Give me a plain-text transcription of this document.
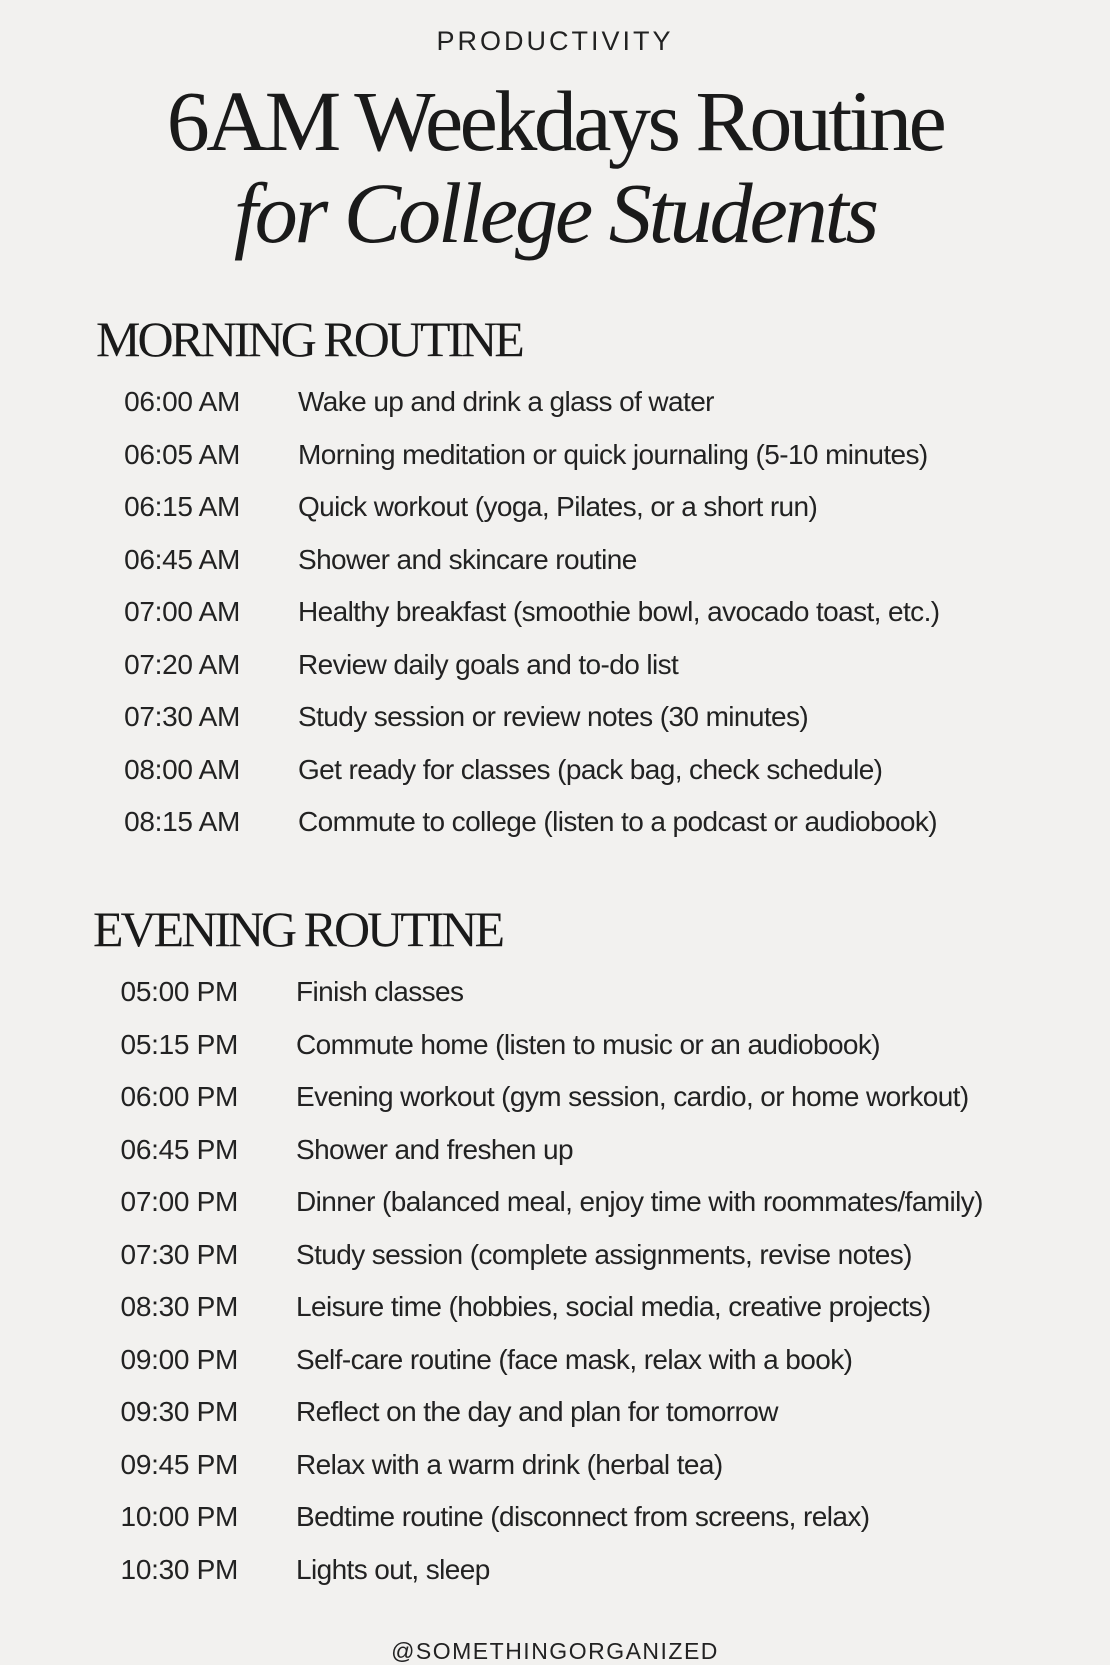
PRODUCTIVITY
6AM Weekdays Routine
for College Students
MORNING ROUTINE
06:00 AM Wake up and drink a glass of water
06:05 AM Morning meditation or quick journaling (5-10 minutes)
06:15 AM Quick workout (yoga, Pilates, or a short run)
06:45 AM Shower and skincare routine
07:00 AM Healthy breakfast (smoothie bowl, avocado toast, etc.)
07:20 AM Review daily goals and to-do list
07:30 AM Study session or review notes (30 minutes)
08:00 AM Get ready for classes (pack bag, check schedule)
08:15 AM Commute to college (listen to a podcast or audiobook)
EVENING ROUTINE
05:00 PM Finish classes
05:15 PM Commute home (listen to music or an audiobook)
06:00 PM Evening workout (gym session, cardio, or home workout)
06:45 PM Shower and freshen up
07:00 PM Dinner (balanced meal, enjoy time with roommates/family)
07:30 PM Study session (complete assignments, revise notes)
08:30 PM Leisure time (hobbies, social media, creative projects)
09:00 PM Self-care routine (face mask, relax with a book)
09:30 PM Reflect on the day and plan for tomorrow
09:45 PM Relax with a warm drink (herbal tea)
10:00 PM Bedtime routine (disconnect from screens, relax)
10:30 PM Lights out, sleep
@SOMETHINGORGANIZED
